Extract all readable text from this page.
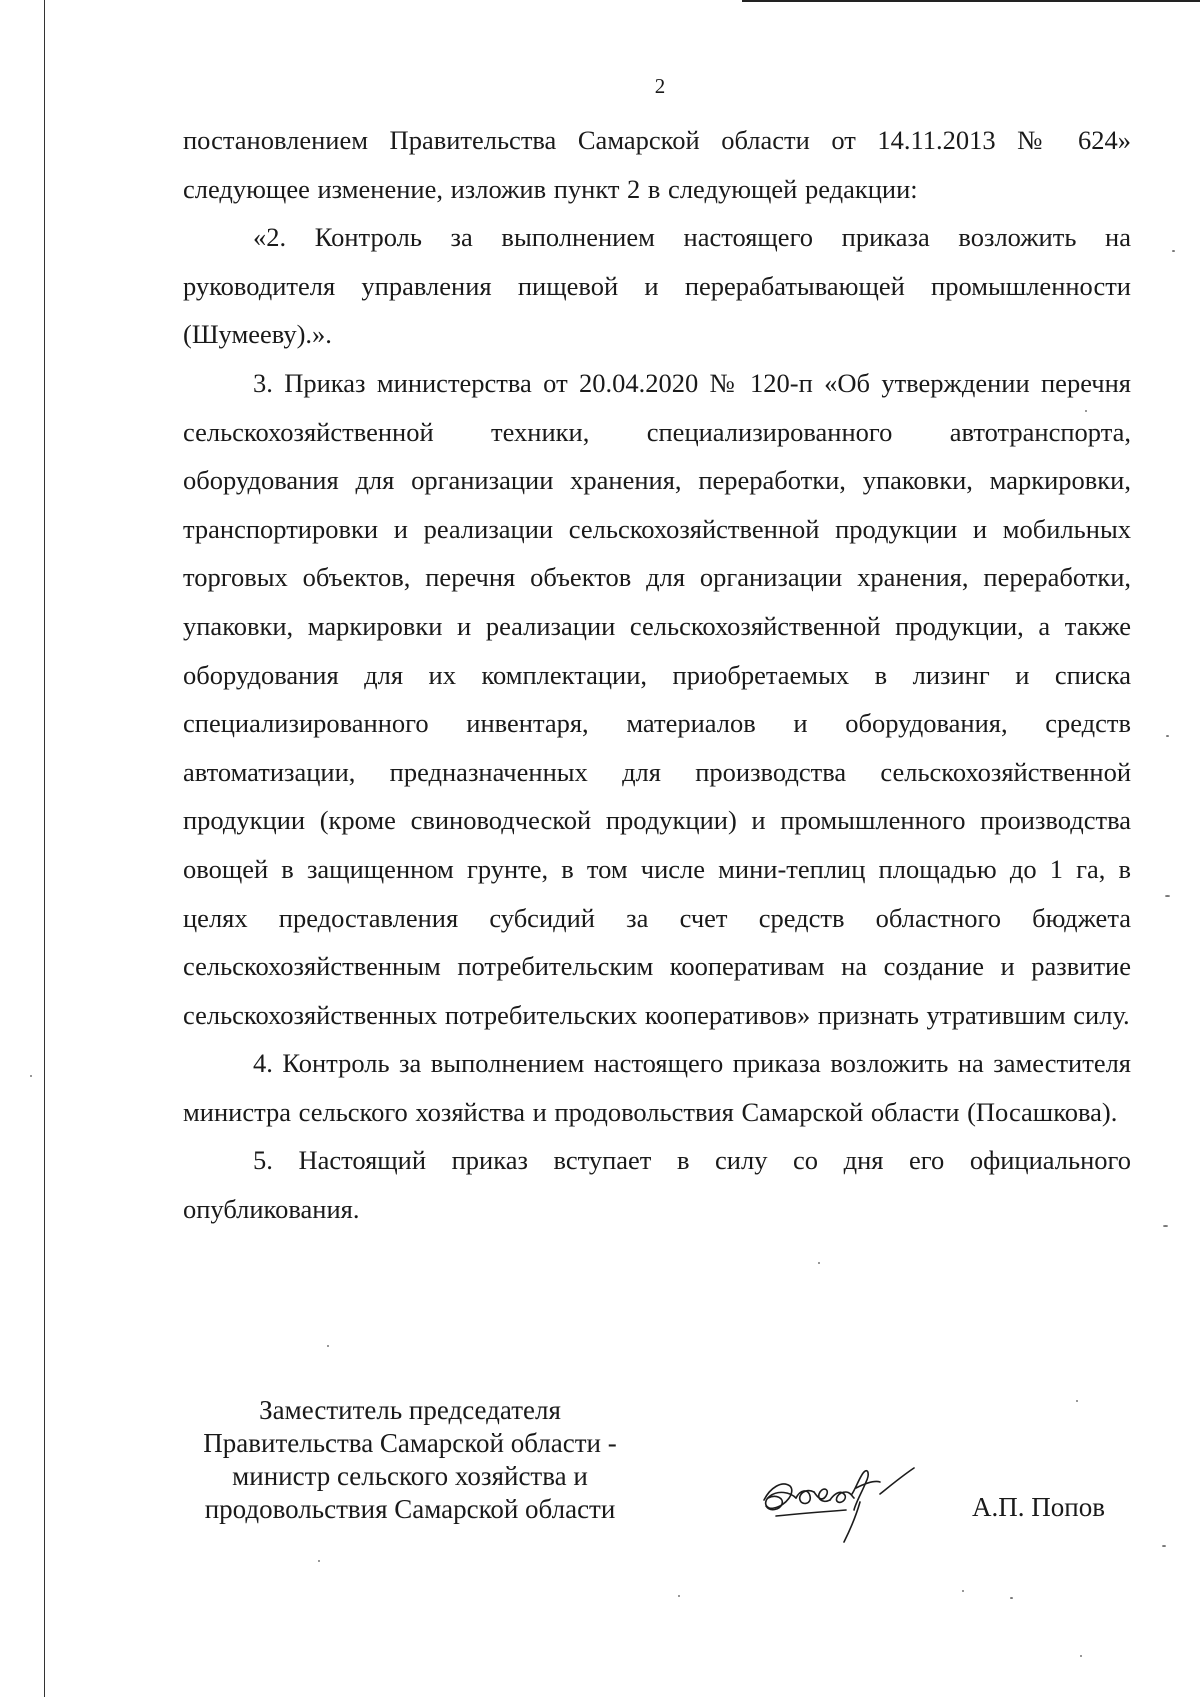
2

постановлением Правительства Самарской области от 14.11.2013 № 624» следующее изменение, изложив пункт 2 в следующей редакции:

«2. Контроль за выполнением настоящего приказа возложить на руководителя управления пищевой и перерабатывающей промышленности (Шумееву).».

3. Приказ министерства от 20.04.2020 № 120-п «Об утверждении перечня сельскохозяйственной техники, специализированного автотранспорта, оборудования для организации хранения, переработки, упаковки, маркировки, транспортировки и реализации сельскохозяйственной продукции и мобильных торговых объектов, перечня объектов для организации хранения, переработки, упаковки, маркировки и реализации сельскохозяйственной продукции, а также оборудования для их комплектации, приобретаемых в лизинг и списка специализированного инвентаря, материалов и оборудования, средств автоматизации, предназначенных для производства сельскохозяйственной продукции (кроме свиноводческой продукции) и промышленного производства овощей в защищенном грунте, в том числе мини-теплиц площадью до 1 га, в целях предоставления субсидий за счет средств областного бюджета сельскохозяйственным потребительским кооперативам на создание и развитие сельскохозяйственных потребительских кооперативов» признать утратившим силу.

4. Контроль за выполнением настоящего приказа возложить на заместителя министра сельского хозяйства и продовольствия Самарской области (Посашкова).

5. Настоящий приказ вступает в силу со дня его официального опубликования.

Заместитель председателя
Правительства Самарской области -
министр сельского хозяйства и
продовольствия Самарской области	А.П. Попов
